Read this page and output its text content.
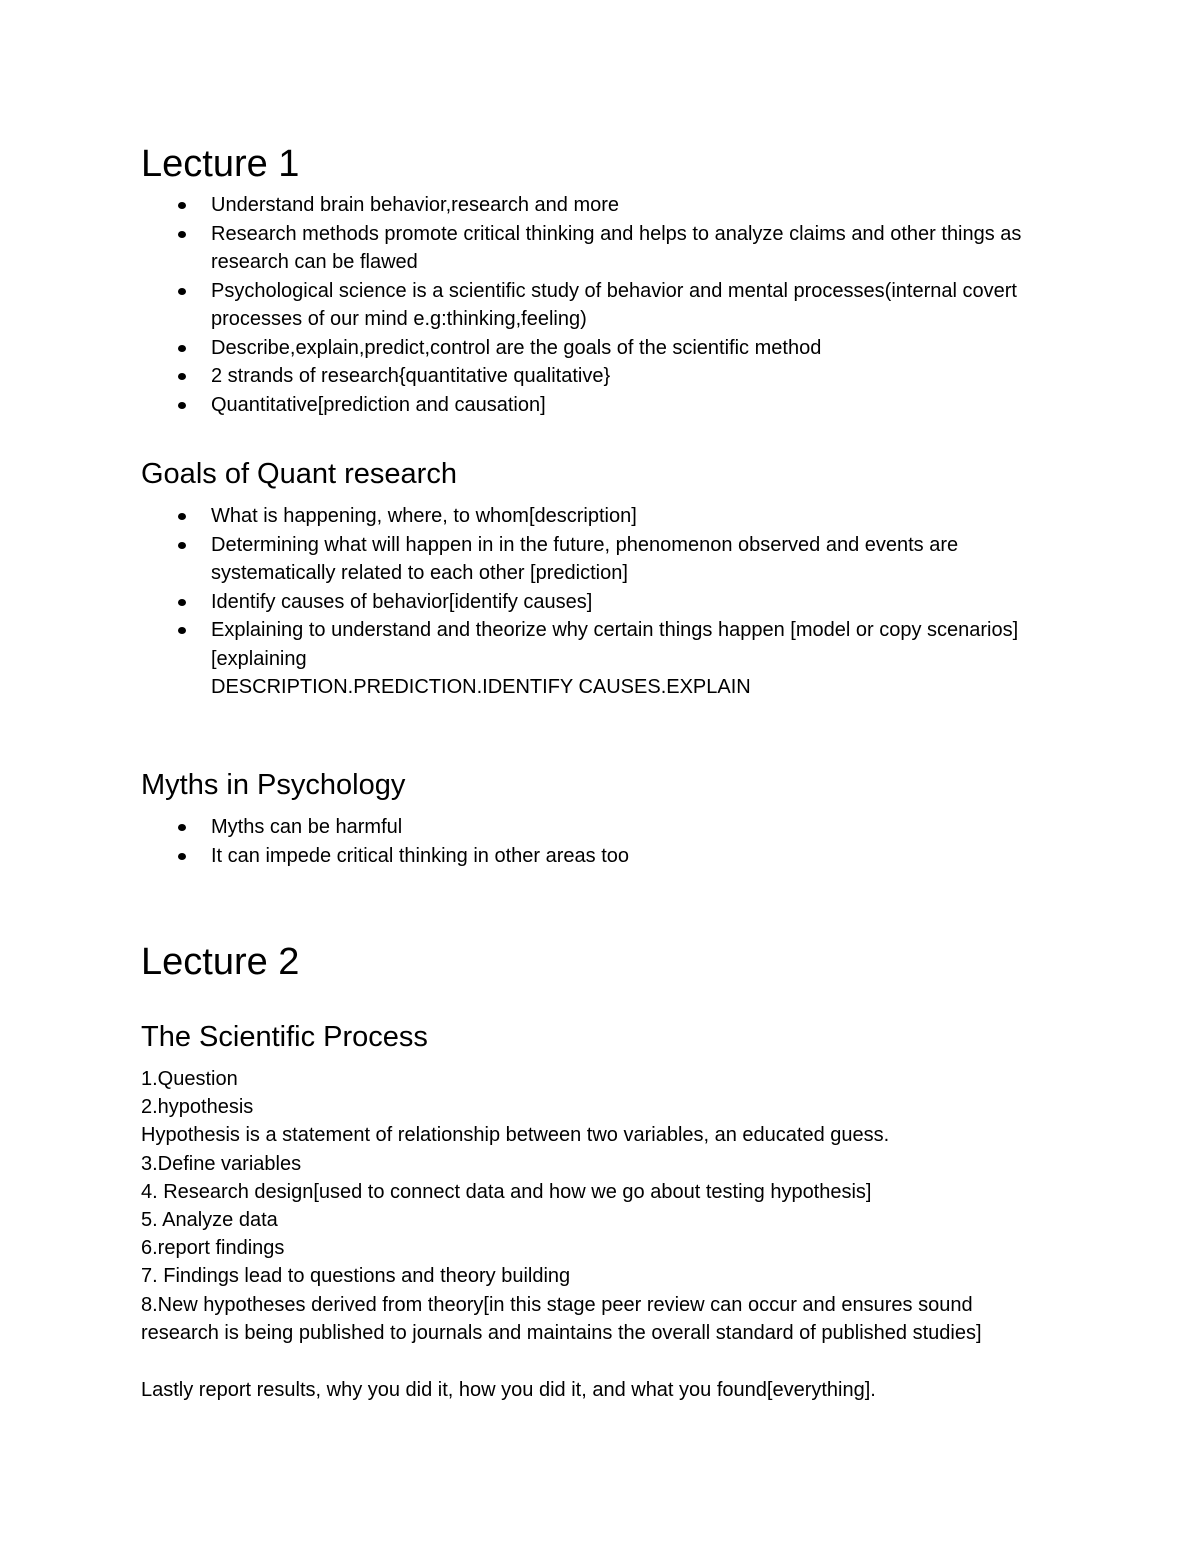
Lecture 1
Understand brain behavior,research and more
Research methods promote critical thinking and helps to analyze claims and other things as research can be flawed
Psychological science is a scientific study of behavior and mental processes(internal covert processes of our mind e.g:thinking,feeling)
Describe,explain,predict,control are the goals of the scientific method
2 strands of research{quantitative qualitative}
Quantitative[prediction and causation]
Goals of Quant research
What is happening, where, to whom[description]
Determining what will happen in in the future, phenomenon observed and events are systematically related to each other [prediction]
Identify causes of behavior[identify causes]
Explaining to understand and theorize why certain things happen [model or copy scenarios][explaining
DESCRIPTION.PREDICTION.IDENTIFY CAUSES.EXPLAIN
Myths in Psychology
Myths can be harmful
It can impede critical thinking in other areas too
Lecture 2
The Scientific Process
1.Question
2.hypothesis
Hypothesis is a statement of relationship between two variables, an educated guess.
3.Define variables
4. Research design[used to connect data and how we go about testing hypothesis]
5. Analyze data
6.report findings
7. Findings lead to questions and theory building
8.New hypotheses derived from theory[in this stage peer review can occur and ensures sound
research is being published to journals and maintains the overall standard of published studies]

Lastly report results, why you did it, how you did it, and what you found[everything].
